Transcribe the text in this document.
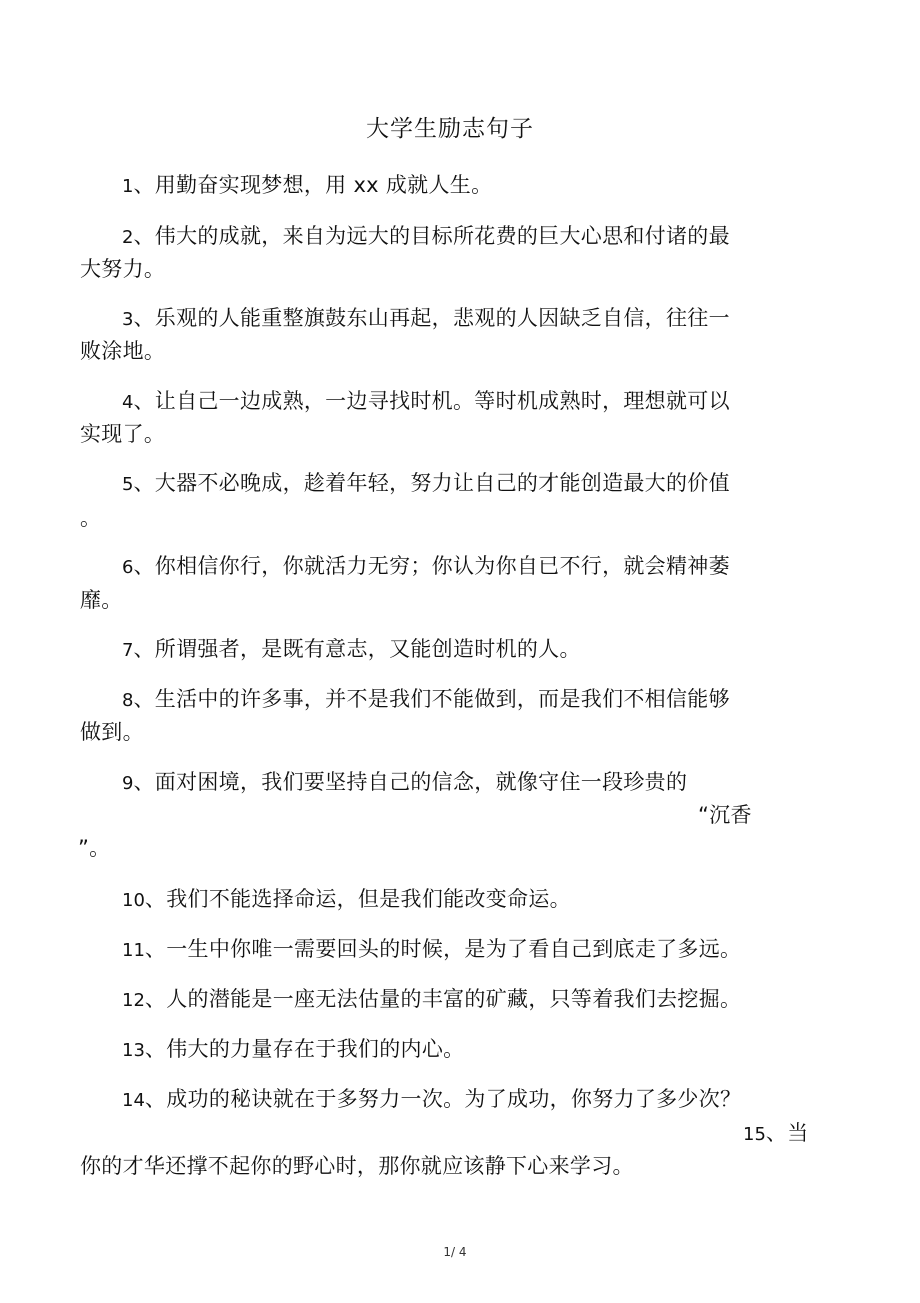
大学生励志句子
1、用勤奋实现梦想，用 xx 成就人生。
2、伟大的成就，来自为远大的目标所花费的巨大心思和付诸的最
大努力。
3、乐观的人能重整旗鼓东山再起，悲观的人因缺乏自信，往往一
败涂地。
4、让自己一边成熟，一边寻找时机。等时机成熟时，理想就可以
实现了。
5、大器不必晚成，趁着年轻，努力让自己的才能创造最大的价值
。
6、你相信你行，你就活力无穷；你认为你自已不行，就会精神萎
靡。
7、所谓强者，是既有意志，又能创造时机的人。
8、生活中的许多事，并不是我们不能做到，而是我们不相信能够
做到。
9、面对困境，我们要坚持自己的信念，就像守住一段珍贵的
“沉香
”。
10、我们不能选择命运，但是我们能改变命运。
11、一生中你唯一需要回头的时候，是为了看自己到底走了多远。
12、人的潜能是一座无法估量的丰富的矿藏，只等着我们去挖掘。
13、伟大的力量存在于我们的内心。
14、成功的秘诀就在于多努力一次。为了成功，你努力了多少次？
15、当
你的才华还撑不起你的野心时，那你就应该静下心来学习。
1/ 4
